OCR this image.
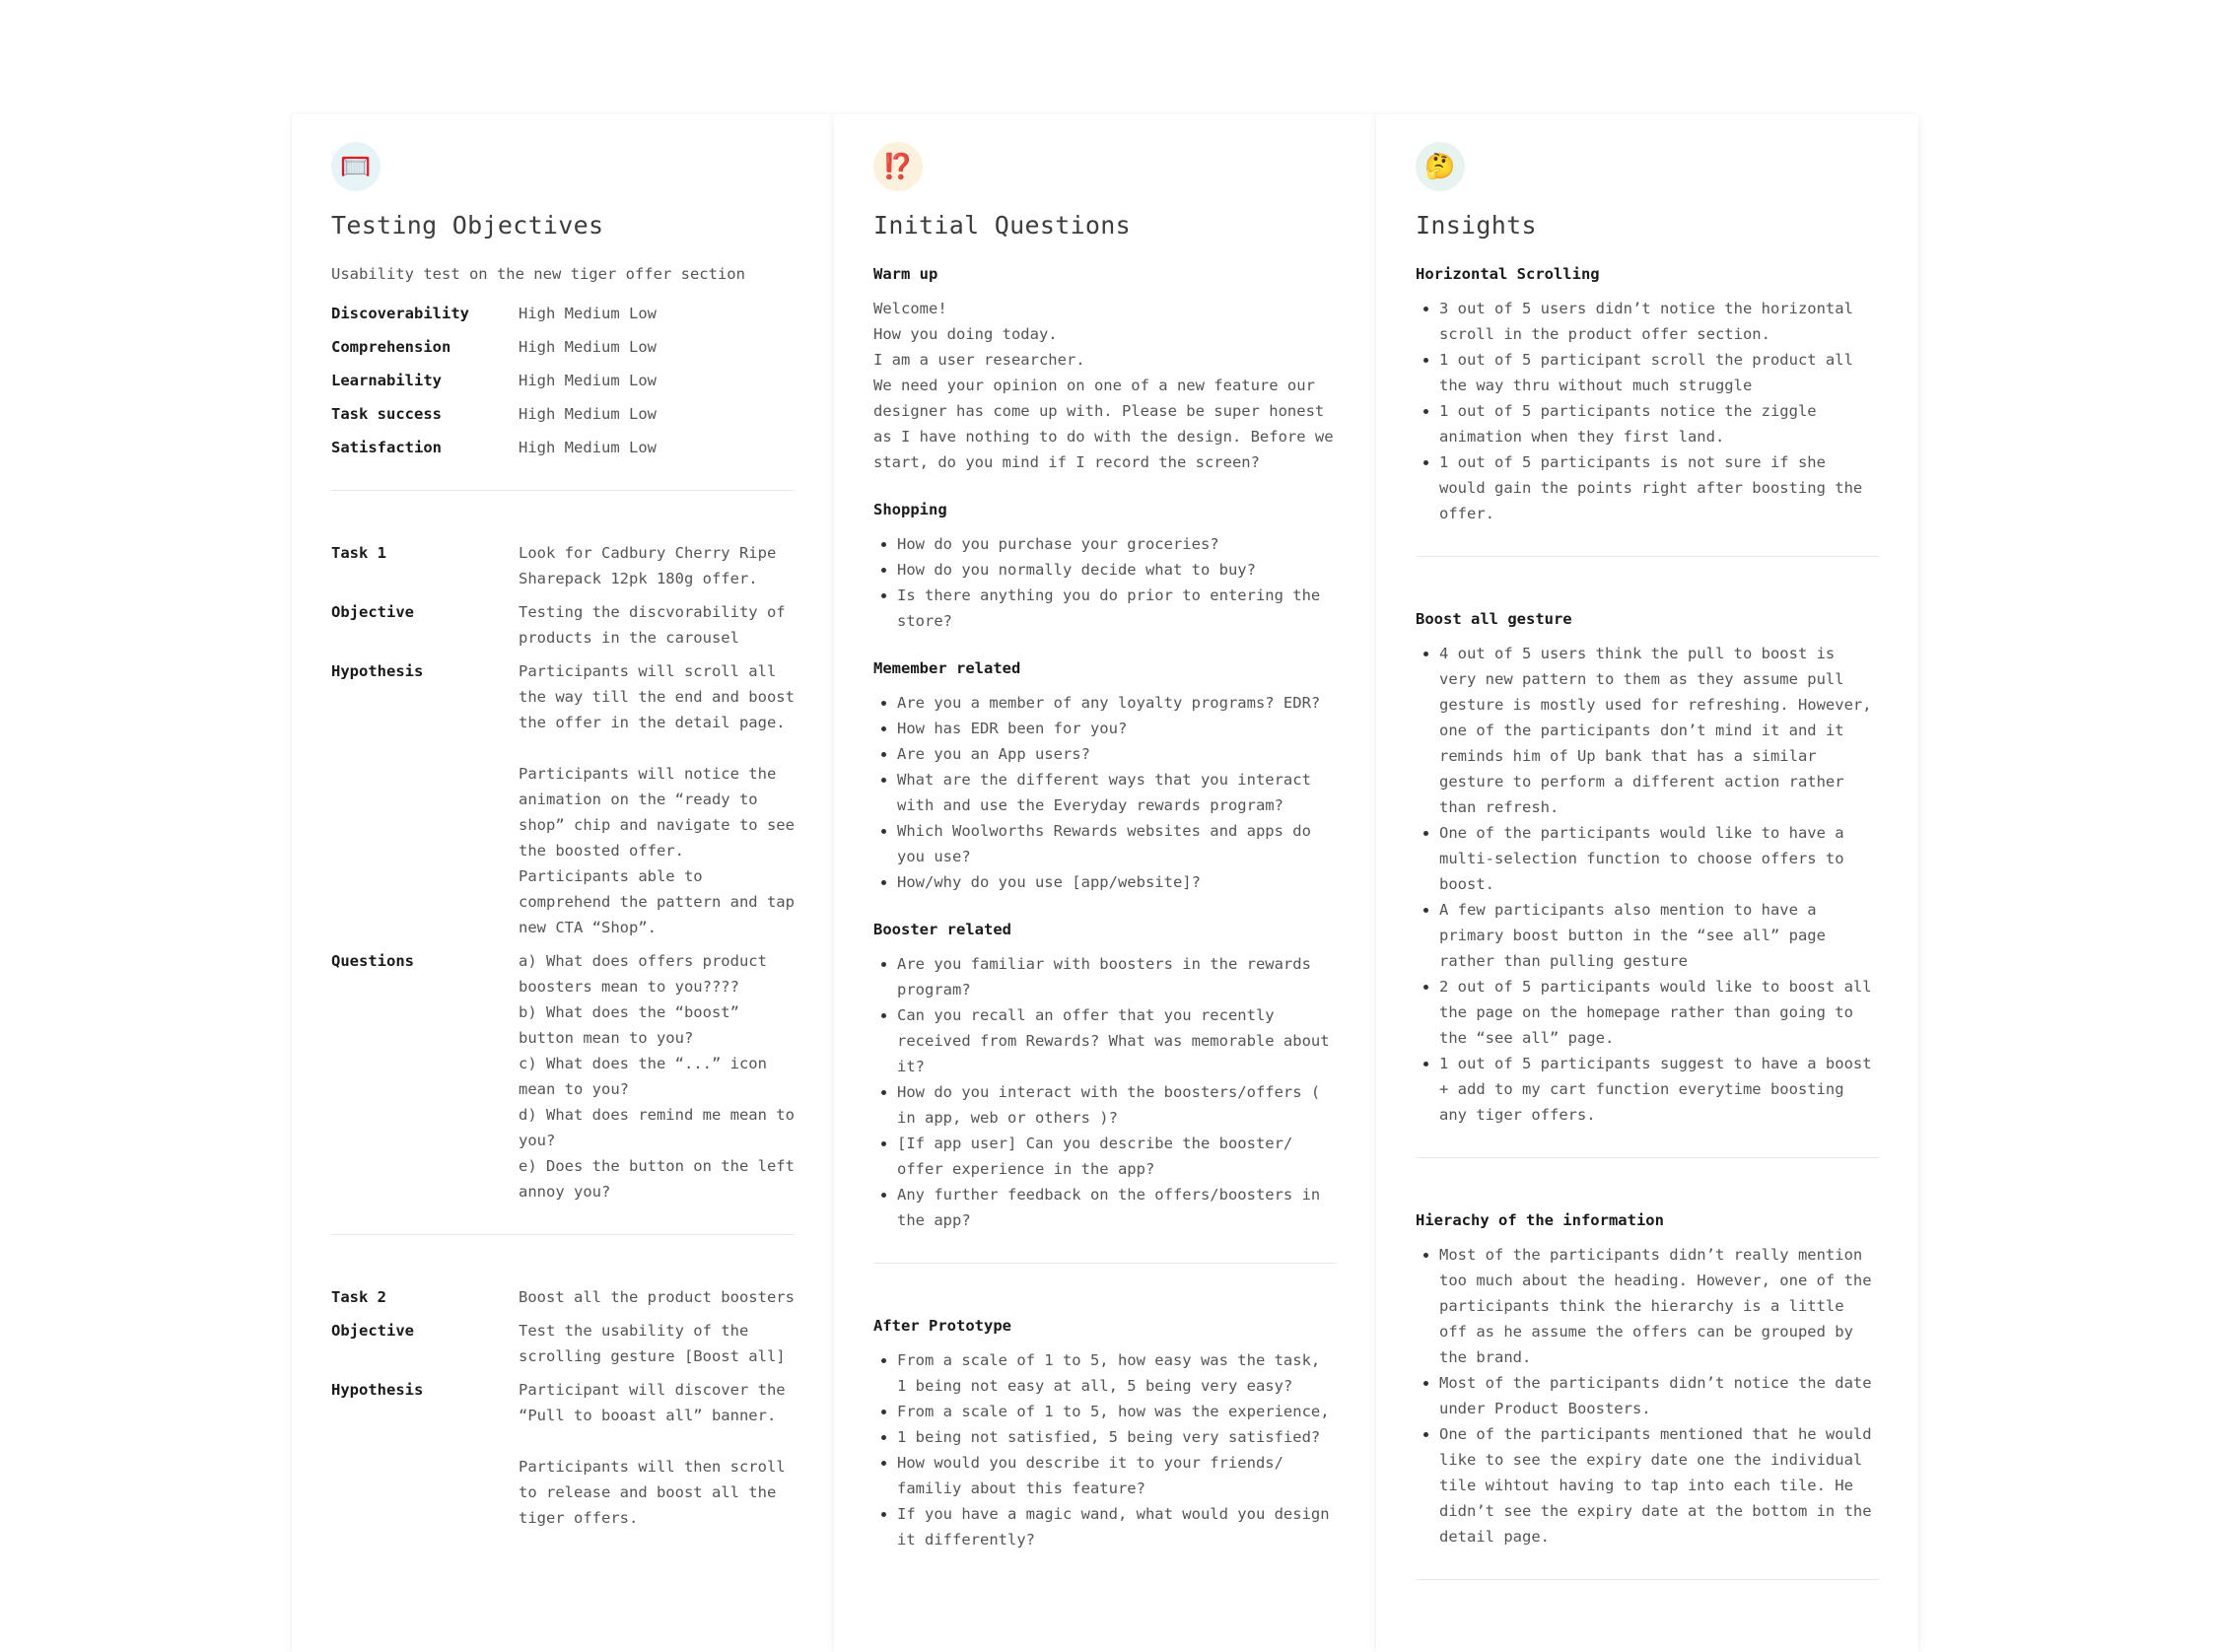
🥅
Testing Objectives
Usability test on the new tiger offer section
Discoverability	High Medium Low
Comprehension	High Medium Low
Learnability	High Medium Low
Task success	High Medium Low
Satisfaction	High Medium Low
Task 1	Look for Cadbury Cherry Ripe Sharepack 12pk 180g offer.
Objective	Testing the discvorability of products in the carousel
Hypothesis	Participants will scroll all the way till the end and boost the offer in the detail page.

Participants will notice the animation on the “ready to shop” chip and navigate to see the boosted offer. Participants able to comprehend the pattern and tap new CTA “Shop”.
Questions	a) What does offers product boosters mean to you????
b) What does the “boost” button mean to you?
c) What does the “...” icon mean to you?
d) What does remind me mean to you?
e) Does the button on the left annoy you?
Task 2	Boost all the product boosters
Objective	Test the usability of the scrolling gesture [Boost all]
Hypothesis	Participant will discover the “Pull to booast all” banner.

Participants will then scroll to release and boost all the tiger offers.
⁉️
Initial Questions
Warm up
Welcome!
How you doing today.
I am a user researcher.
We need your opinion on one of a new feature our designer has come up with. Please be super honest as I have nothing to do with the design. Before we start, do you mind if I record the screen?
Shopping
• How do you purchase your groceries?
• How do you normally decide what to buy?
• Is there anything you do prior to entering the store?
Memember related
• Are you a member of any loyalty programs? EDR?
• How has EDR been for you?
• Are you an App users?
• What are the different ways that you interact with and use the Everyday rewards program?
• Which Woolworths Rewards websites and apps do you use?
• How/why do you use [app/website]?
Booster related
• Are you familiar with boosters in the rewards program?
• Can you recall an offer that you recently received from Rewards? What was memorable about it?
• How do you interact with the boosters/offers ( in app, web or others )?
• [If app user] Can you describe the booster/ offer experience in the app?
• Any further feedback on the offers/boosters in the app?
After Prototype
• From a scale of 1 to 5, how easy was the task, 1 being not easy at all, 5 being very easy?
• From a scale of 1 to 5, how was the experience,
• 1 being not satisfied, 5 being very satisfied?
• How would you describe it to your friends/ familiy about this feature?
• If you have a magic wand, what would you design it differently?
🤔
Insights
Horizontal Scrolling
• 3 out of 5 users didn’t notice the horizontal scroll in the product offer section.
• 1 out of 5 participant scroll the product all the way thru without much struggle
• 1 out of 5 participants notice the ziggle animation when they first land.
• 1 out of 5 participants is not sure if she would gain the points right after boosting the offer.
Boost all gesture
• 4 out of 5 users think the pull to boost is very new pattern to them as they assume pull gesture is mostly used for refreshing. However, one of the participants don’t mind it and it reminds him of Up bank that has a similar gesture to perform a different action rather than refresh.
• One of the participants would like to have a multi-selection function to choose offers to boost.
• A few participants also mention to have a primary boost button in the “see all” page rather than pulling gesture
• 2 out of 5 participants would like to boost all the page on the homepage rather than going to the “see all” page.
• 1 out of 5 participants suggest to have a boost + add to my cart function everytime boosting any tiger offers.
Hierachy of the information
• Most of the participants didn’t really mention too much about the heading. However, one of the participants think the hierarchy is a little off as he assume the offers can be grouped by the brand.
• Most of the participants didn’t notice the date under Product Boosters.
• One of the participants mentioned that he would like to see the expiry date one the individual tile wihtout having to tap into each tile. He didn’t see the expiry date at the bottom in the detail page.
